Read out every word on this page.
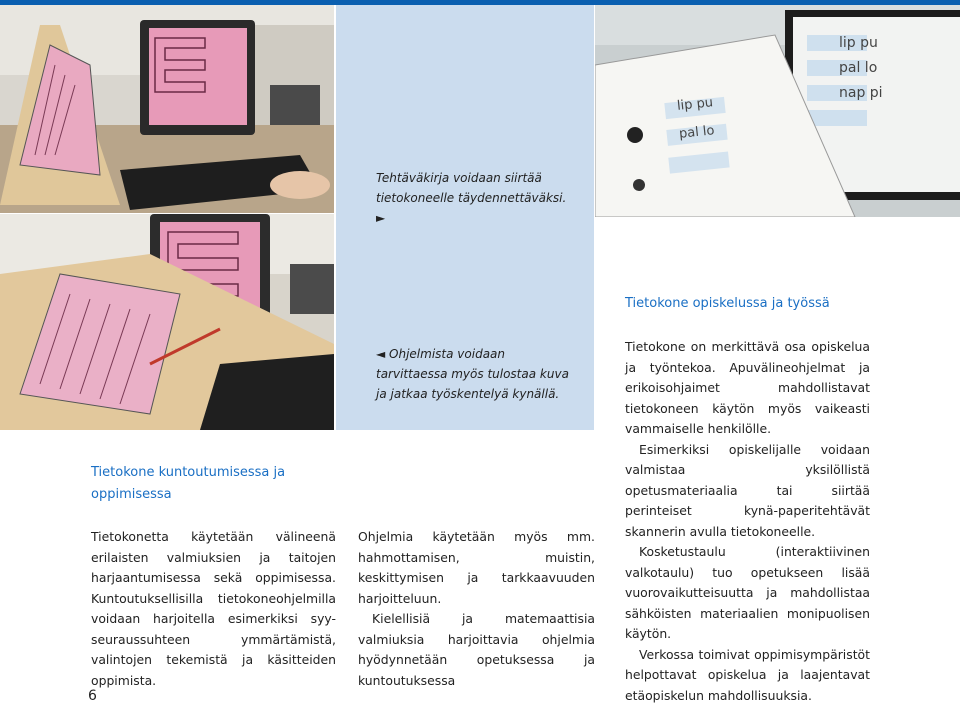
lip pu
pal lo
nap pi
lip pu
pal lo
Tehtäväkirja voidaan siirtää tietokoneelle täydennettäväksi. ►
◄ Ohjelmista voidaan tarvittaessa myös tulostaa kuva ja jatkaa työskentelyä kynällä.
Tietokone kuntoutumisessa ja oppimisessa

Tietokonetta käytetään välineenä erilaisten valmiuksien ja taitojen harjaantumisessa sekä oppimisessa. Kuntoutuksellisilla tietokoneohjelmilla voidaan harjoitella esimerkiksi syy-seuraussuhteen ymmärtämistä, valintojen tekemistä ja käsitteiden oppimista.

Ohjelmia käytetään myös mm. hahmottamisen, muistin, keskittymisen ja tarkkaavuuden harjoitteluun.

Kielellisiä ja matemaattisia valmiuksia harjoittavia ohjelmia hyödynnetään opetuksessa ja kuntoutuksessa

Tietokone opiskelussa ja työssä

Tietokone on merkittävä osa opiskelua ja työntekoa. Apuvälineohjelmat ja erikoisohjaimet mahdollistavat tietokoneen käytön myös vaikeasti vammaiselle henkilölle.

Esimerkiksi opiskelijalle voidaan valmistaa yksilöllistä opetusmateriaalia tai siirtää perinteiset kynä-paperitehtävät skannerin avulla tietokoneelle.

Kosketustaulu (interaktiivinen valkotaulu) tuo opetukseen lisää vuorovaikutteisuutta ja mahdollistaa sähköisten materiaalien monipuolisen käytön.

Verkossa toimivat oppimisympäristöt helpottavat opiskelua ja laajentavat etäopiskelun mahdollisuuksia.

6
